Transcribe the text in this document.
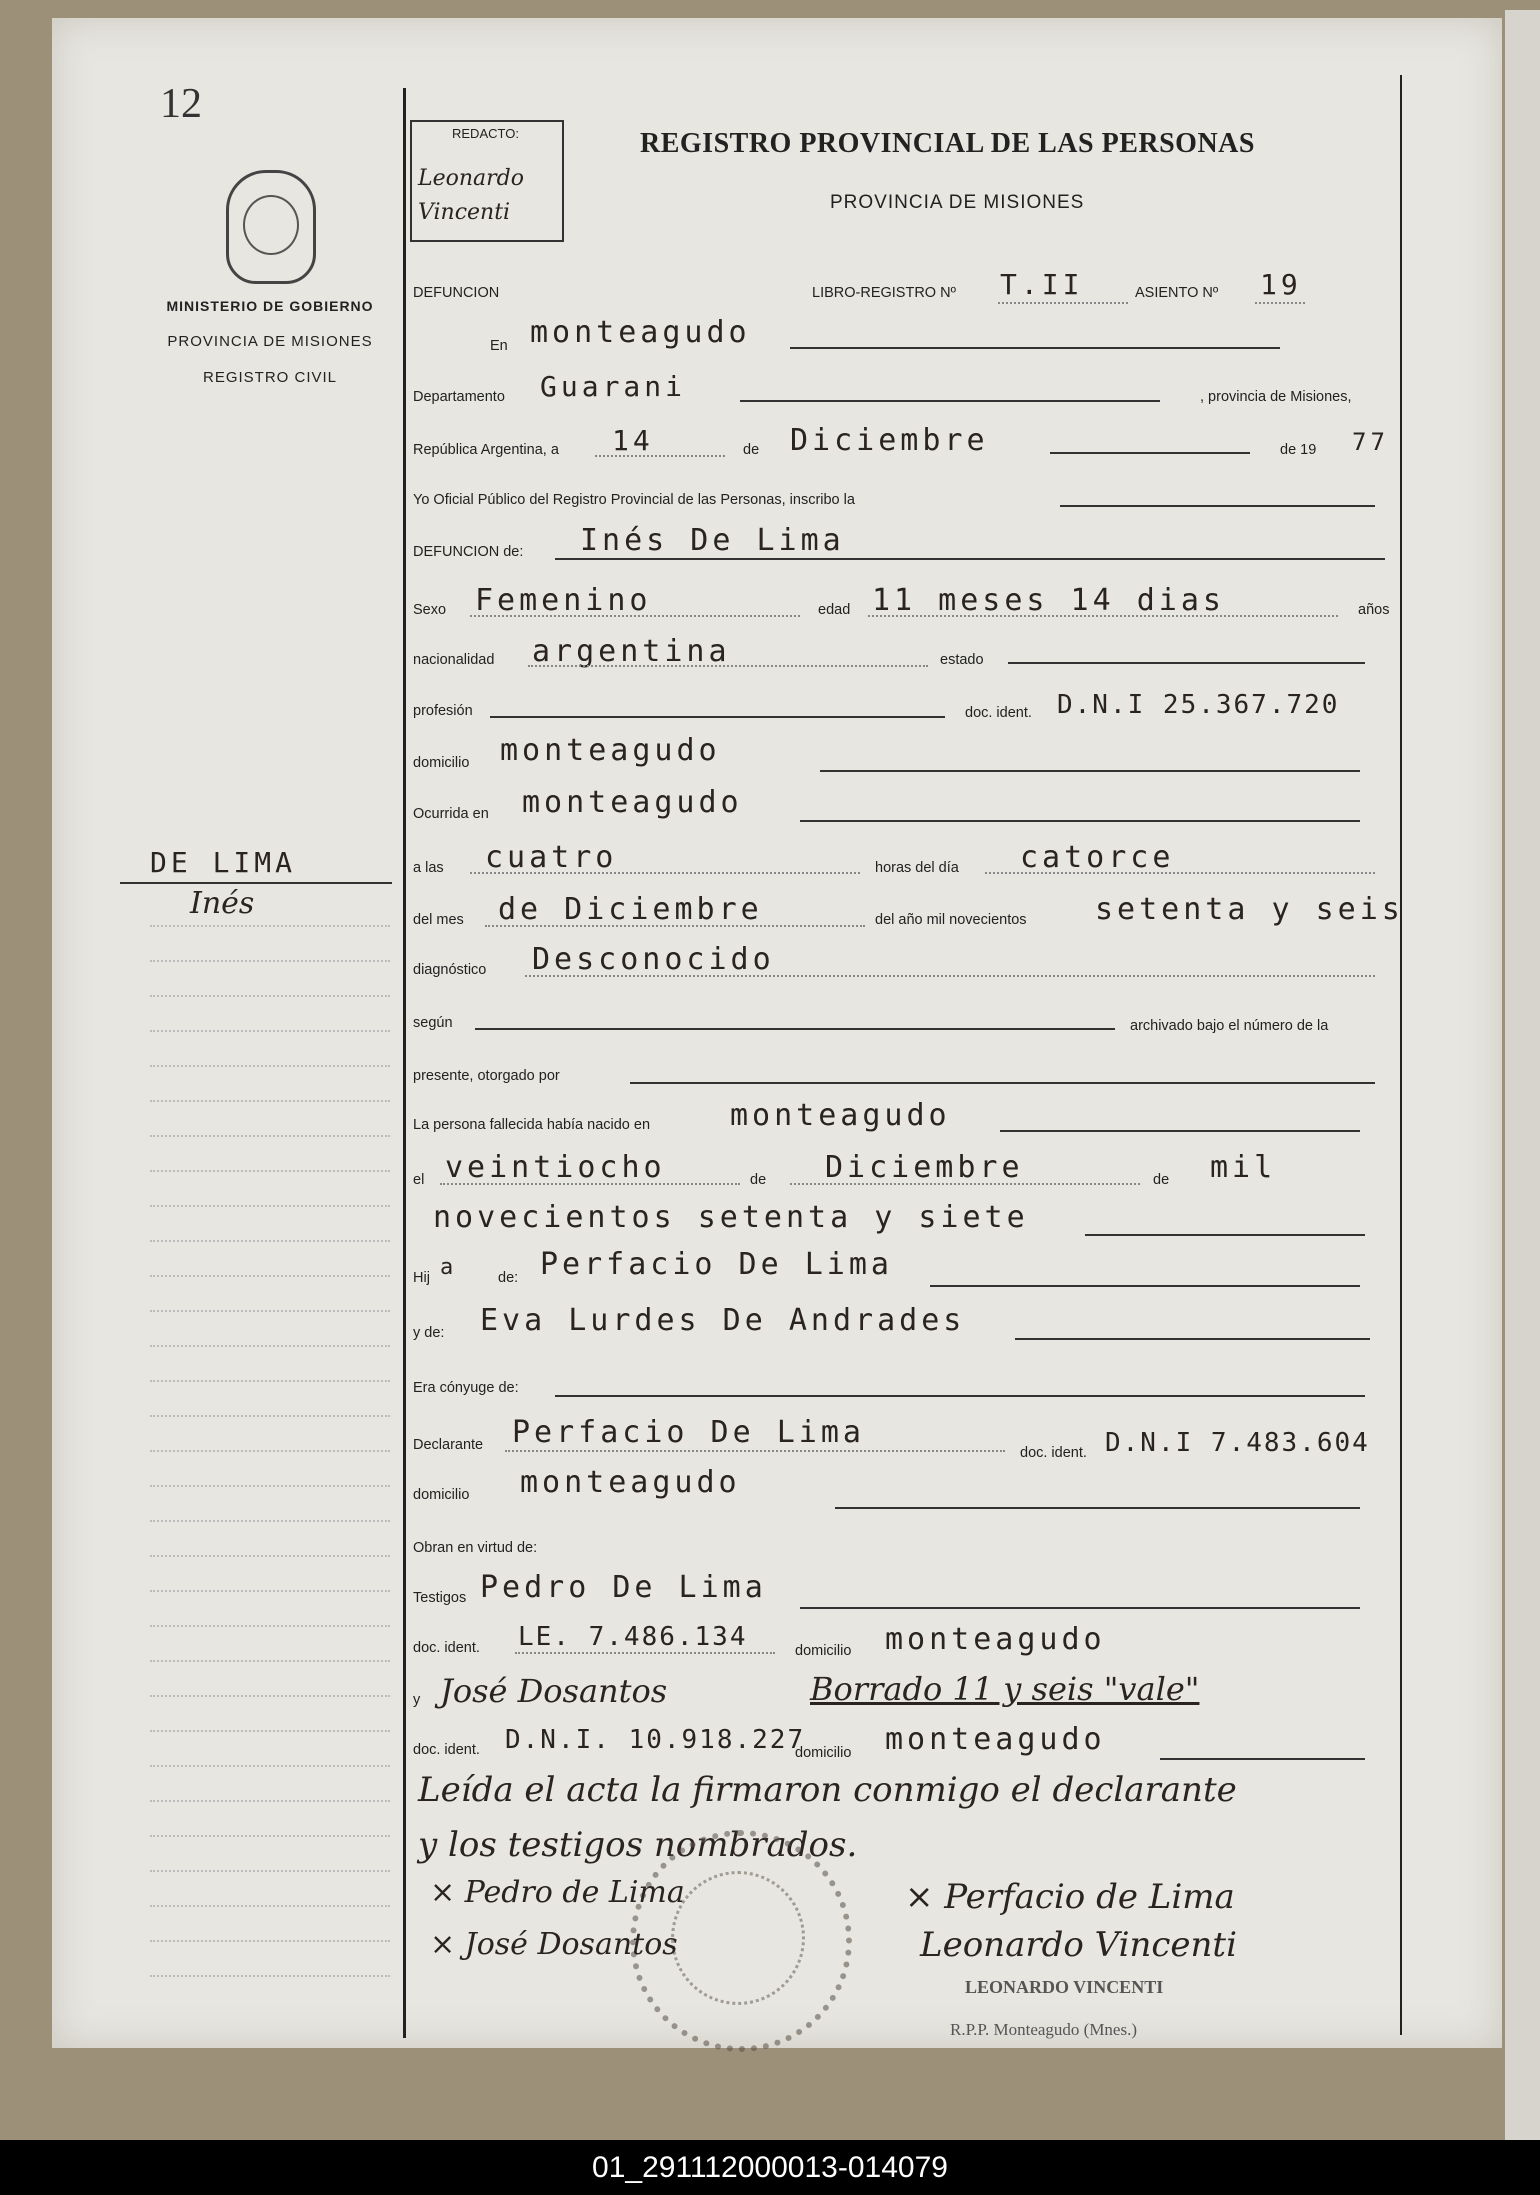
12
MINISTERIO DE GOBIERNO
PROVINCIA DE MISIONES
REGISTRO CIVIL
DE LIMA
Inés
REDACTO:
Leonardo Vincenti
REGISTRO PROVINCIAL DE LAS PERSONAS
PROVINCIA DE MISIONES
DEFUNCION	LIBRO-REGISTRO Nº T.II	ASIENTO Nº 19
En monteagudo
Departamento Guarani	, provincia de Misiones,
República Argentina, a 14	de Diciembre	de 19 77
Yo Oficial Público del Registro Provincial de las Personas, inscribo la
DEFUNCION de: Inés De Lima
Sexo Femenino	edad 11 meses 14 dias	años
nacionalidad argentina	estado
profesión	doc. ident. D.N.I 25.367.720
domicilio monteagudo
Ocurrida en monteagudo
a las cuatro	horas del día catorce
del mes de Diciembre	del año mil novecientos setenta y seis
diagnóstico Desconocido
según	archivado bajo el número de la
presente, otorgado por
La persona fallecida había nacido en	monteagudo
el veintiocho	de Diciembre	de mil
novecientos setenta y siete
Hij a	de: Perfacio De Lima
y de: Eva Lurdes De Andrades
Era cónyuge de:
Declarante Perfacio De Lima
doc. ident. D.N.I 7.483.604
domicilio monteagudo
Obran en virtud de:
Testigos Pedro De Lima
doc. ident. LE. 7.486.134	domicilio monteagudo
y José Dosantos	Borrado 11 y seis "vale"
doc. ident. D.N.I. 10.918.227
domicilio monteagudo
Leída el acta la firmaron conmigo el declarante
y los testigos nombrados.
× Pedro de Lima
× José Dosantos
× Perfacio de Lima
Leonardo Vincenti
LEONARDO VINCENTI
R.P.P. Monteagudo (Mnes.)
01_291112000013-014079
